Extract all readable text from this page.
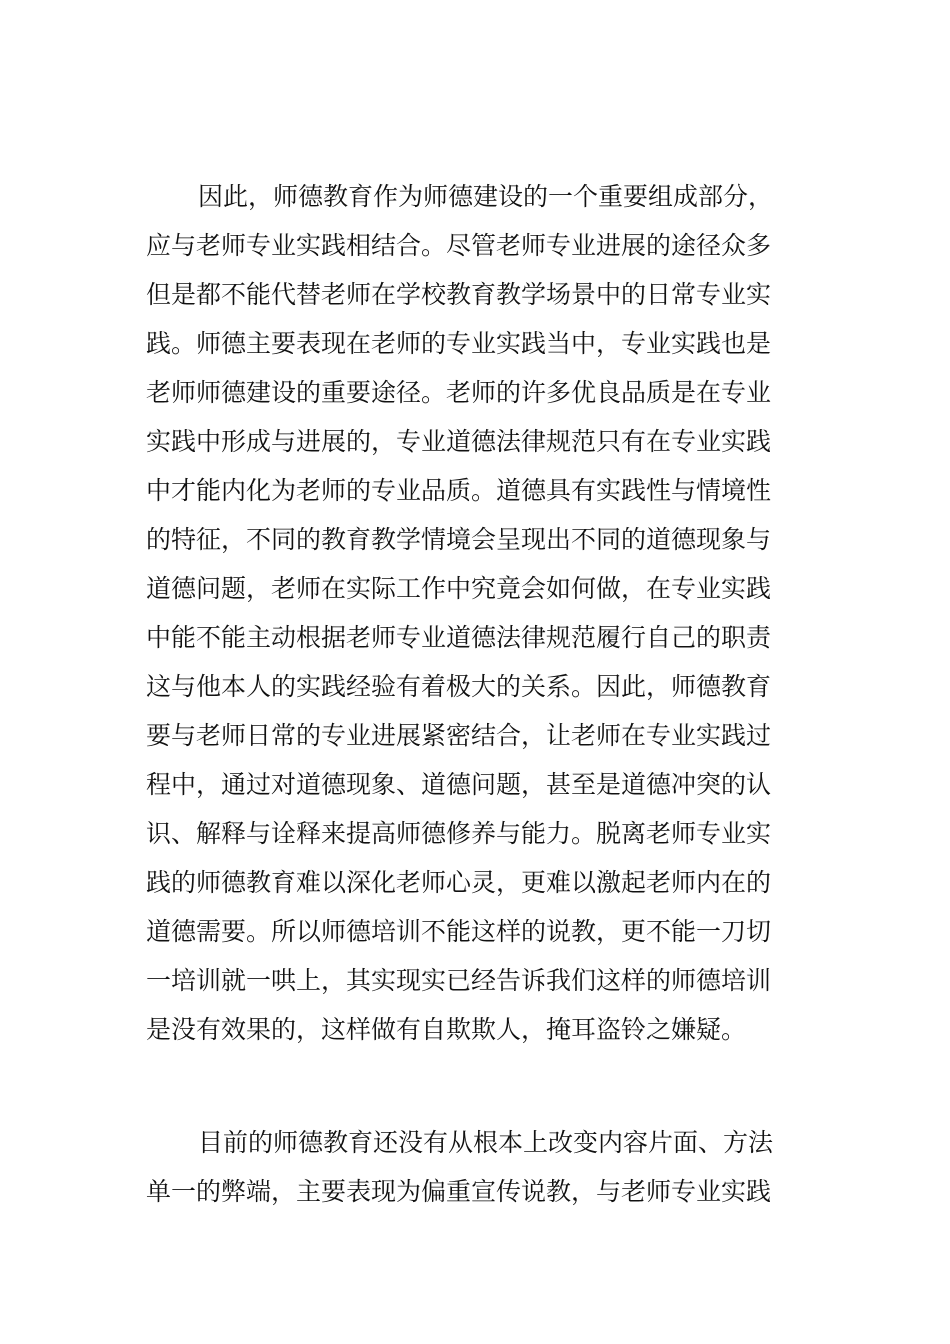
因此，师德教育作为师德建设的一个重要组成部分，
应与老师专业实践相结合。尽管老师专业进展的途径众多
但是都不能代替老师在学校教育教学场景中的日常专业实
践。师德主要表现在老师的专业实践当中，专业实践也是
老师师德建设的重要途径。老师的许多优良品质是在专业
实践中形成与进展的，专业道德法律规范只有在专业实践
中才能内化为老师的专业品质。道德具有实践性与情境性
的特征，不同的教育教学情境会呈现出不同的道德现象与
道德问题，老师在实际工作中究竟会如何做，在专业实践
中能不能主动根据老师专业道德法律规范履行自己的职责
这与他本人的实践经验有着极大的关系。因此，师德教育
要与老师日常的专业进展紧密结合，让老师在专业实践过
程中，通过对道德现象、道德问题，甚至是道德冲突的认
识、解释与诠释来提高师德修养与能力。脱离老师专业实
践的师德教育难以深化老师心灵，更难以激起老师内在的
道德需要。所以师德培训不能这样的说教，更不能一刀切
一培训就一哄上，其实现实已经告诉我们这样的师德培训
是没有效果的，这样做有自欺欺人，掩耳盗铃之嫌疑。
目前的师德教育还没有从根本上改变内容片面、方法
单一的弊端，主要表现为偏重宣传说教，与老师专业实践
